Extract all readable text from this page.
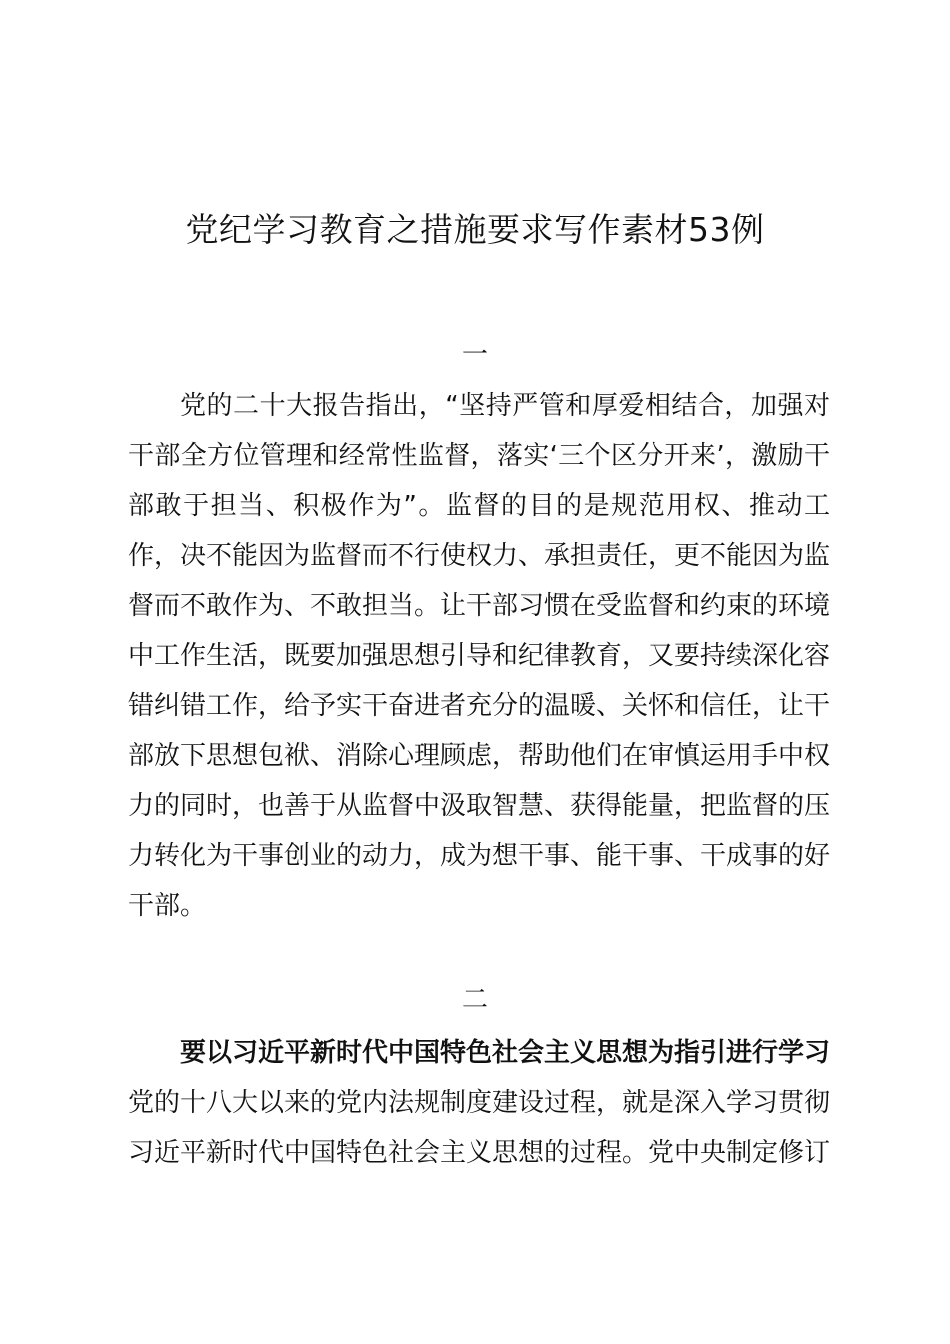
党纪学习教育之措施要求写作素材53例
一

党的二十大报告指出，“坚持严管和厚爱相结合，加强对干部全方位管理和经常性监督，落实‘三个区分开来’，激励干部敢于担当、积极作为”。监督的目的是规范用权、推动工作，决不能因为监督而不行使权力、承担责任，更不能因为监督而不敢作为、不敢担当。让干部习惯在受监督和约束的环境中工作生活，既要加强思想引导和纪律教育，又要持续深化容错纠错工作，给予实干奋进者充分的温暖、关怀和信任，让干部放下思想包袱、消除心理顾虑，帮助他们在审慎运用手中权力的同时，也善于从监督中汲取智慧、获得能量，把监督的压力转化为干事创业的动力，成为想干事、能干事、干成事的好干部。

二

要以习近平新时代中国特色社会主义思想为指引进行学习

党的十八大以来的党内法规制度建设过程，就是深入学习贯彻习近平新时代中国特色社会主义思想的过程。党中央制定修订
